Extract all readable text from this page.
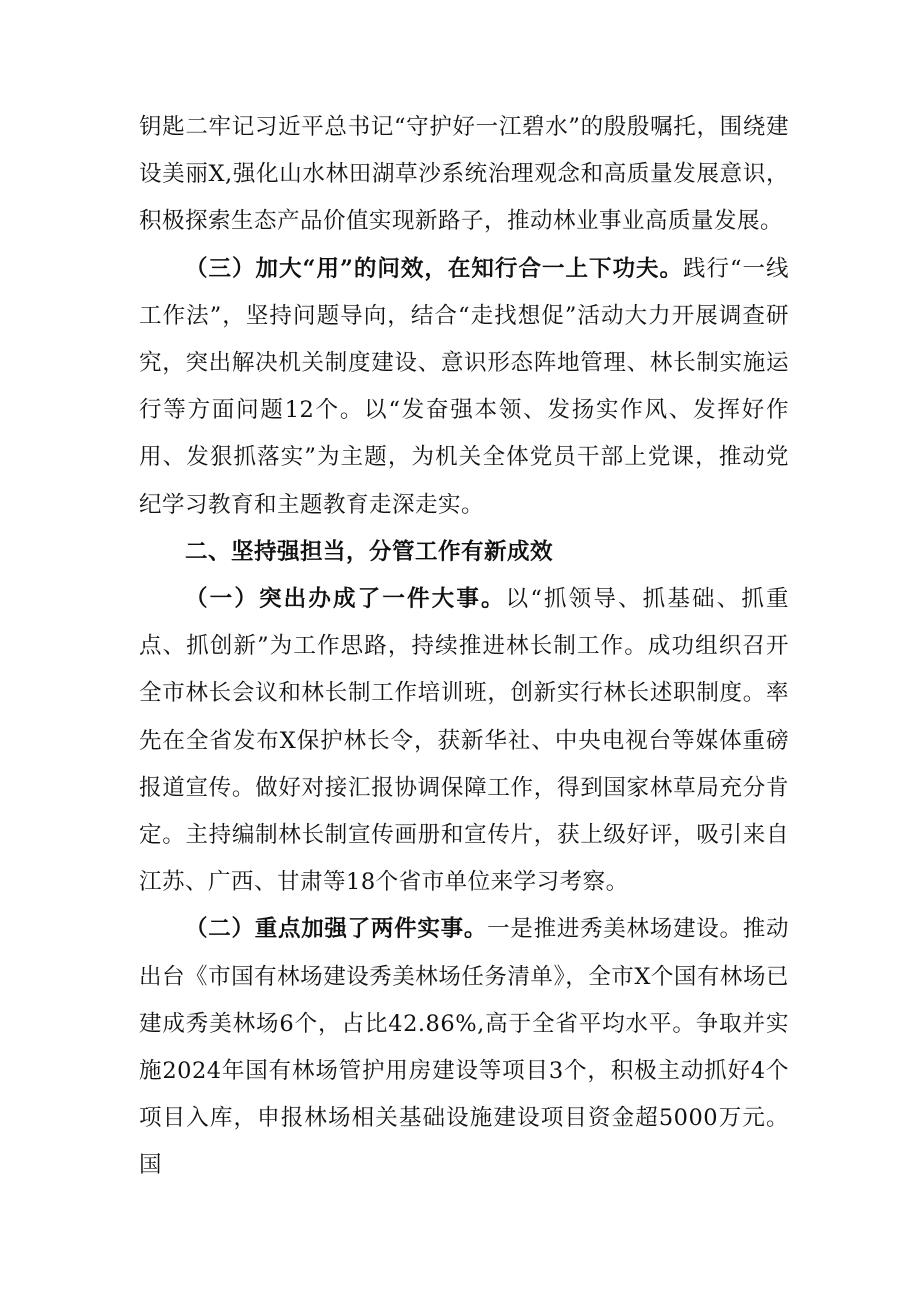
钥匙二牢记习近平总书记“守护好一江碧水”的殷殷嘱托，围绕建设美丽X,强化山水林田湖草沙系统治理观念和高质量发展意识，积极探索生态产品价值实现新路子，推动林业事业高质量发展。

（三）加大“用”的问效，在知行合一上下功夫。践行“一线工作法”，坚持问题导向，结合“走找想促”活动大力开展调查研究，突出解决机关制度建设、意识形态阵地管理、林长制实施运行等方面问题12个。以“发奋强本领、发扬实作风、发挥好作用、发狠抓落实”为主题，为机关全体党员干部上党课，推动党纪学习教育和主题教育走深走实。

二、坚持强担当，分管工作有新成效

（一）突出办成了一件大事。以“抓领导、抓基础、抓重点、抓创新”为工作思路，持续推进林长制工作。成功组织召开全市林长会议和林长制工作培训班，创新实行林长述职制度。率先在全省发布X保护林长令，获新华社、中央电视台等媒体重磅报道宣传。做好对接汇报协调保障工作，得到国家林草局充分肯定。主持编制林长制宣传画册和宣传片，获上级好评，吸引来自江苏、广西、甘肃等18个省市单位来学习考察。

（二）重点加强了两件实事。一是推进秀美林场建设。推动出台《市国有林场建设秀美林场任务清单》，全市X个国有林场已建成秀美林场6个，占比42.86%,高于全省平均水平。争取并实施2024年国有林场管护用房建设等项目3个，积极主动抓好4个项目入库，申报林场相关基础设施建设项目资金超5000万元。国
